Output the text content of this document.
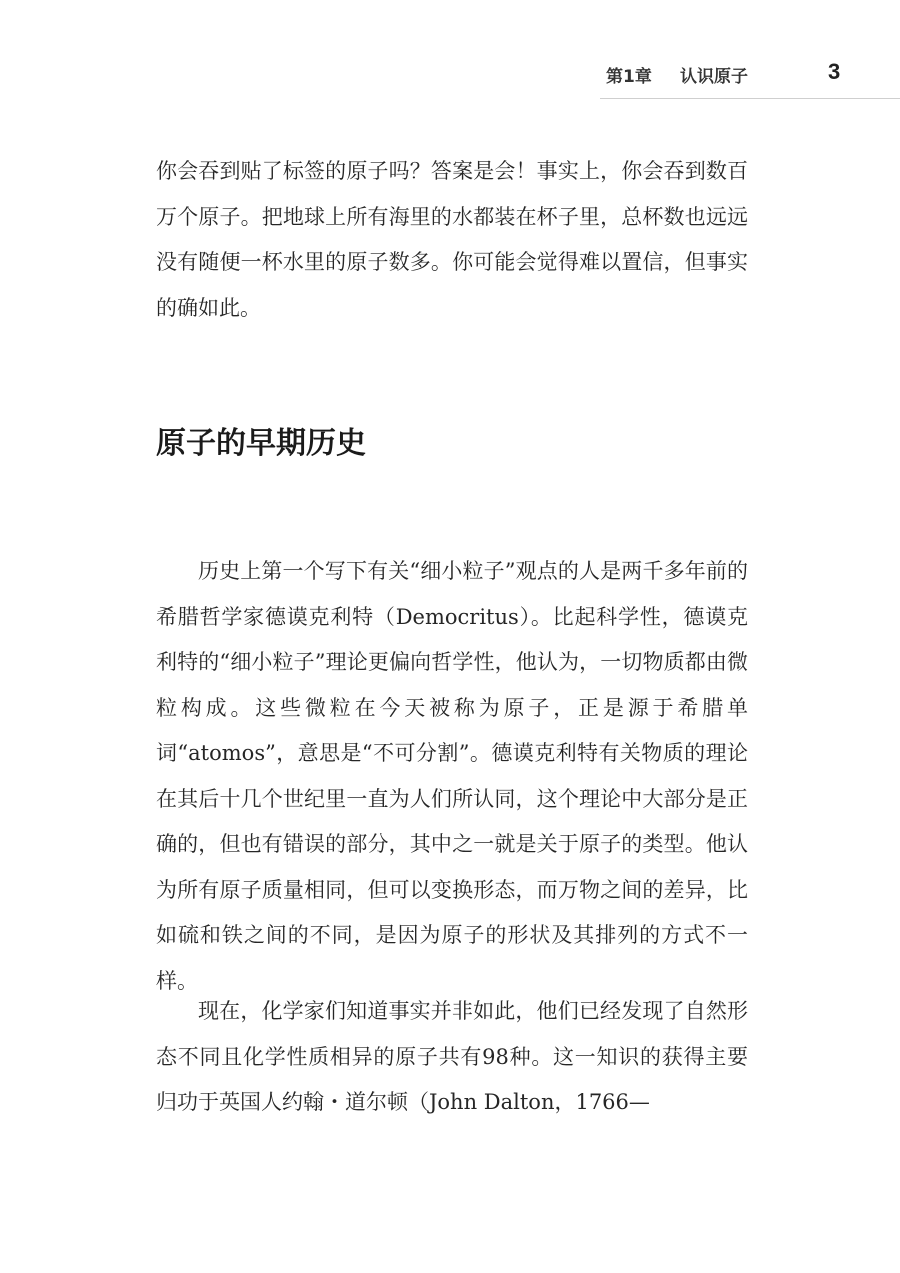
第1章 认识原子	3

你会吞到贴了标签的原子吗？答案是会！事实上，你会吞到数百万个原子。把地球上所有海里的水都装在杯子里，总杯数也远远没有随便一杯水里的原子数多。你可能会觉得难以置信，但事实的确如此。

原子的早期历史

历史上第一个写下有关“细小粒子”观点的人是两千多年前的希腊哲学家德谟克利特（Democritus）。比起科学性，德谟克利特的“细小粒子”理论更偏向哲学性，他认为，一切物质都由微粒构成。这些微粒在今天被称为原子，正是源于希腊单词“atomos”，意思是“不可分割”。德谟克利特有关物质的理论在其后十几个世纪里一直为人们所认同，这个理论中大部分是正确的，但也有错误的部分，其中之一就是关于原子的类型。他认为所有原子质量相同，但可以变换形态，而万物之间的差异，比如硫和铁之间的不同，是因为原子的形状及其排列的方式不一样。

现在，化学家们知道事实并非如此，他们已经发现了自然形态不同且化学性质相异的原子共有98种。这一知识的获得主要归功于英国人约翰・道尔顿（John Dalton，1766—
